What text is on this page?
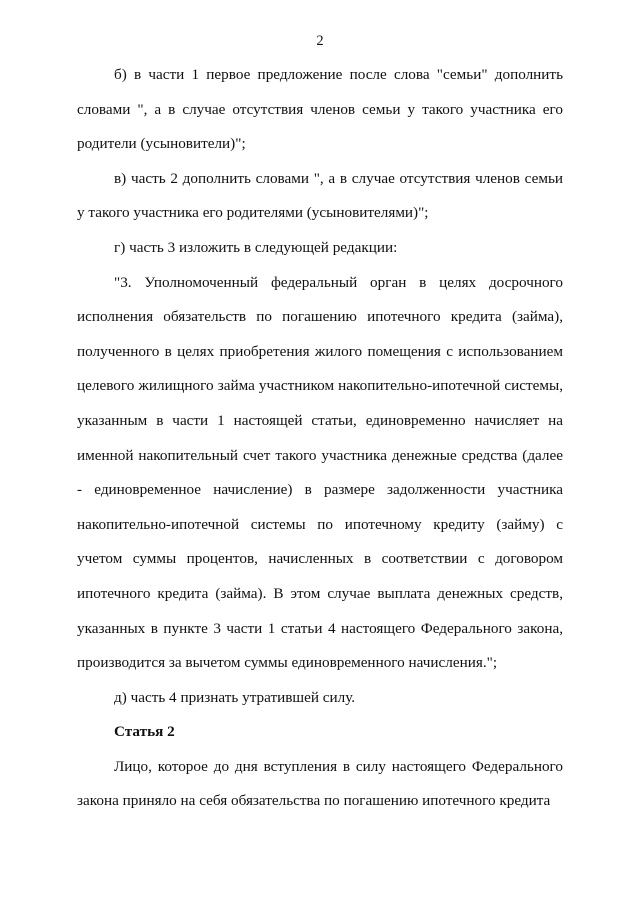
2

б) в части 1 первое предложение после слова "семьи" дополнить словами ", а в случае отсутствия членов семьи у такого участника его родители (усыновители)";

в) часть 2 дополнить словами ", а в случае отсутствия членов семьи у такого участника его родителями (усыновителями)";

г) часть 3 изложить в следующей редакции:

"3. Уполномоченный федеральный орган в целях досрочного исполнения обязательств по погашению ипотечного кредита (займа), полученного в целях приобретения жилого помещения с использованием целевого жилищного займа участником накопительно-ипотечной системы, указанным в части 1 настоящей статьи, единовременно начисляет на именной накопительный счет такого участника денежные средства (далее - единовременное начисление) в размере задолженности участника накопительно-ипотечной системы по ипотечному кредиту (займу) с учетом суммы процентов, начисленных в соответствии с договором ипотечного кредита (займа). В этом случае выплата денежных средств, указанных в пункте 3 части 1 статьи 4 настоящего Федерального закона, производится за вычетом суммы единовременного начисления.";

д) часть 4 признать утратившей силу.

Статья 2

Лицо, которое до дня вступления в силу настоящего Федерального закона приняло на себя обязательства по погашению ипотечного кредита
